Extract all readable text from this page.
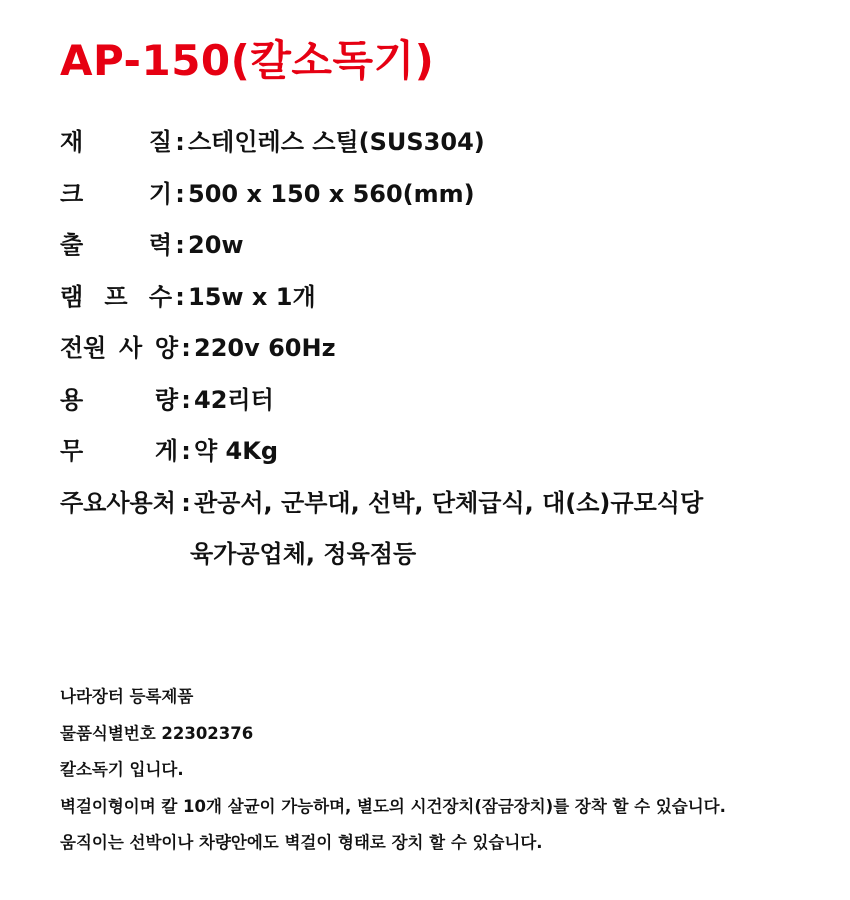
AP-150(칼소독기)
재	질 : 스테인레스 스틸(SUS304)
크	기 : 500 x 150 x 560(mm)
출	력 : 20w
램 프 수 : 15w x 1개
전원 사 양 : 220v 60Hz
용	량 : 42리터
무	게 : 약 4Kg
주요사용처 : 관공서, 군부대, 선박, 단체급식, 대(소)규모식당
육가공업체, 정육점등
나라장터 등록제품
물품식별번호 22302376
칼소독기 입니다.
벽걸이형이며 칼 10개 살균이 가능하며, 별도의 시건장치(잠금장치)를 장착 할 수 있습니다.
움직이는 선박이나 차량안에도 벽걸이 형태로 장치 할 수 있습니다.
